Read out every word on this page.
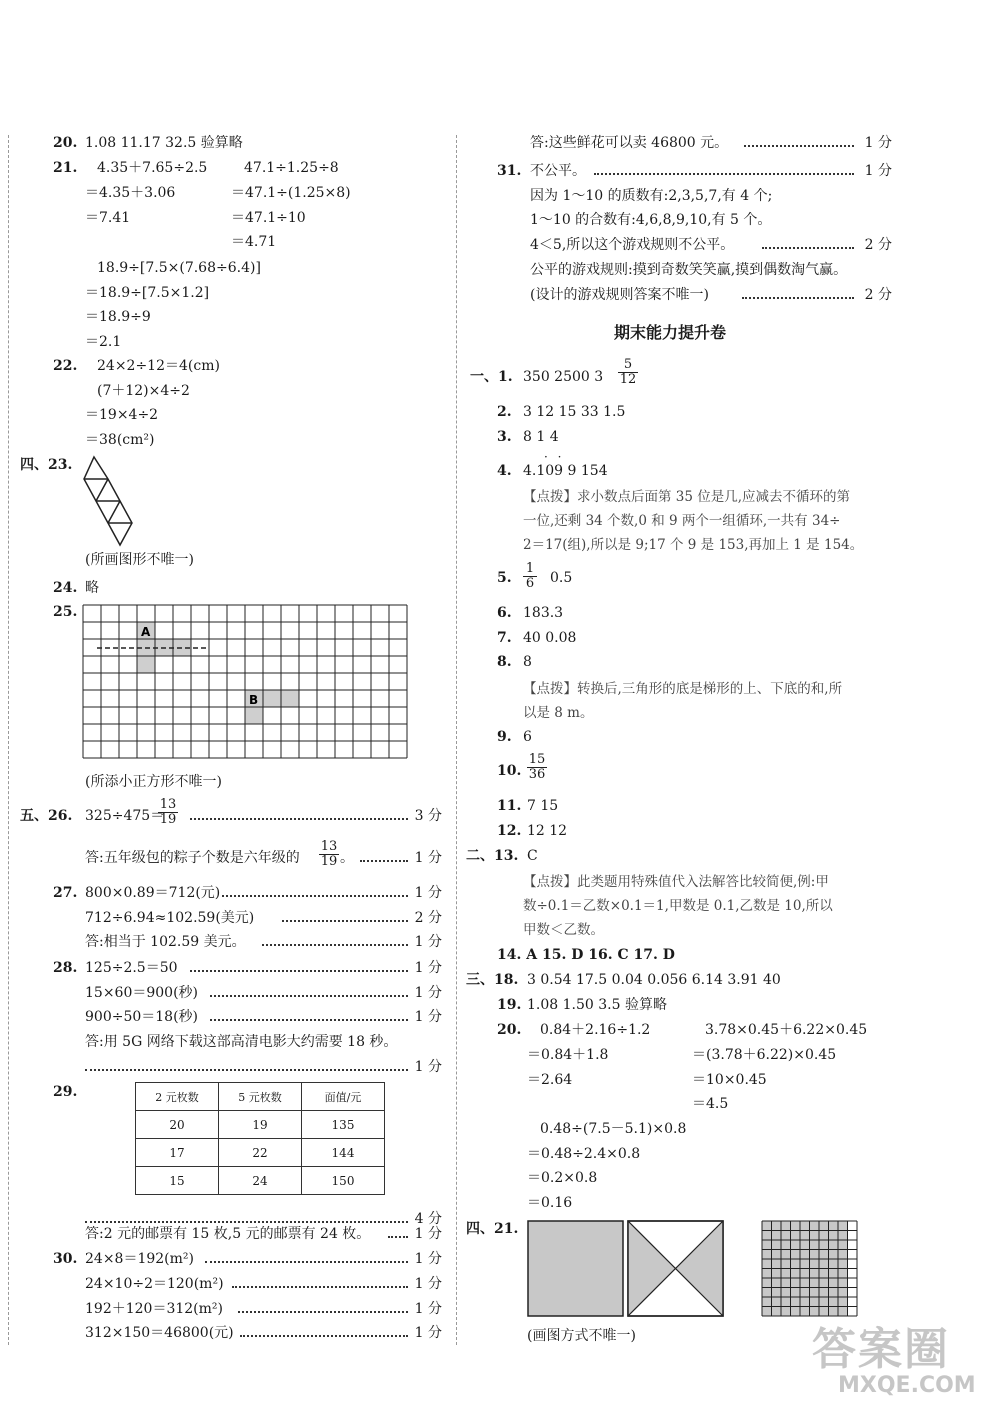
20. 1.08 11.17 32.5 验算略
21. 4.35＋7.65÷2.5
＝4.35＋3.06
＝7.41
47.1÷1.25÷8
＝47.1÷(1.25×8)
＝47.1÷10
＝4.71
18.9÷[7.5×(7.68÷6.4)]
＝18.9÷[7.5×1.2]
＝18.9÷9
＝2.1
22. 24×2÷12＝4(cm)
(7＋12)×4÷2
＝19×4÷2
＝38(cm²)
四、23.
(所画图形不唯一)
24. 略
25.
A
B
(所添小正方形不唯一)
五、26. 325÷475＝
$\frac{13}{19}$	3 分
答:五年级包的粽子个数是六年级的 $\frac{13}{19}$ 。	1 分
27. 800×0.89＝712(元)
712÷6.94≈102.59(美元)
答:相当于 102.59 美元。
1 分
2 分
1 分
28. 125÷2.5＝50
15×60＝900(秒)
900÷50＝18(秒)
答:用 5G 网络下载这部高清电影大约需要 18 秒。
1 分
1 分
1 分
1 分
29.	2 元枚数	5 元枚数	面值/元
20	19	135
17	22	144
15	24	150
4 分
答:2 元的邮票有 15 枚,5 元的邮票有 24 枚。	1 分
30. 24×8＝192(m²)
24×10÷2＝120(m²)
192＋120＝312(m²)
312×150＝46800(元)
1 分
1 分
1 分
1 分
答:这些鲜花可以卖 46800 元。	1 分
31. 不公平。	1 分
因为 1～10 的质数有:2,3,5,7,有 4 个;
1～10 的合数有:4,6,8,9,10,有 5 个。
4＜5,所以这个游戏规则不公平。	2 分
公平的游戏规则:摸到奇数笑笑赢,摸到偶数淘气赢。
(设计的游戏规则答案不唯一)	2 分
期末能力提升卷
一、1. 350 2500 $3 \frac{5}{12}$
2. 3 12 15 33 1.5
3. 8 1 4
4.
· ·
4.109 9 154
【点拨】求小数点后面第 35 位是几,应减去不循环的第
一位,还剩 34 个数,0 和 9 两个一组循环,一共有 34÷
2＝17(组),所以是 9;17 个 9 是 153,再加上 1 是 154。
5. $\frac{1}{6} 0.5$
6. 183.3
7. 40 0.08
8. 8
【点拨】转换后,三角形的底是梯形的上、下底的和,所
以是 8 m。
9. 6
10. $\frac{15}{36}$
11. 7 15
12. 12 12
二、13. C
【点拨】此类题用特殊值代入法解答比较简便,例:甲
数÷0.1＝乙数×0.1＝1,甲数是 0.1,乙数是 10,所以
甲数＜乙数。
14. A 15. D 16. C 17. D
三、18. 3 0.54 17.5 0.04 0.056 6.14 3.91 40
19. 1.08 1.50 3.5 验算略
20. 0.84＋2.16÷1.2
＝0.84＋1.8
＝2.64
3.78×0.45＋6.22×0.45
＝(3.78＋6.22)×0.45
＝10×0.45
＝4.5
0.48÷(7.5－5.1)×0.8
＝0.48÷2.4×0.8
＝0.2×0.8
＝0.16
四、21.
(画图方式不唯一)	答案圈
MXQE.COM
